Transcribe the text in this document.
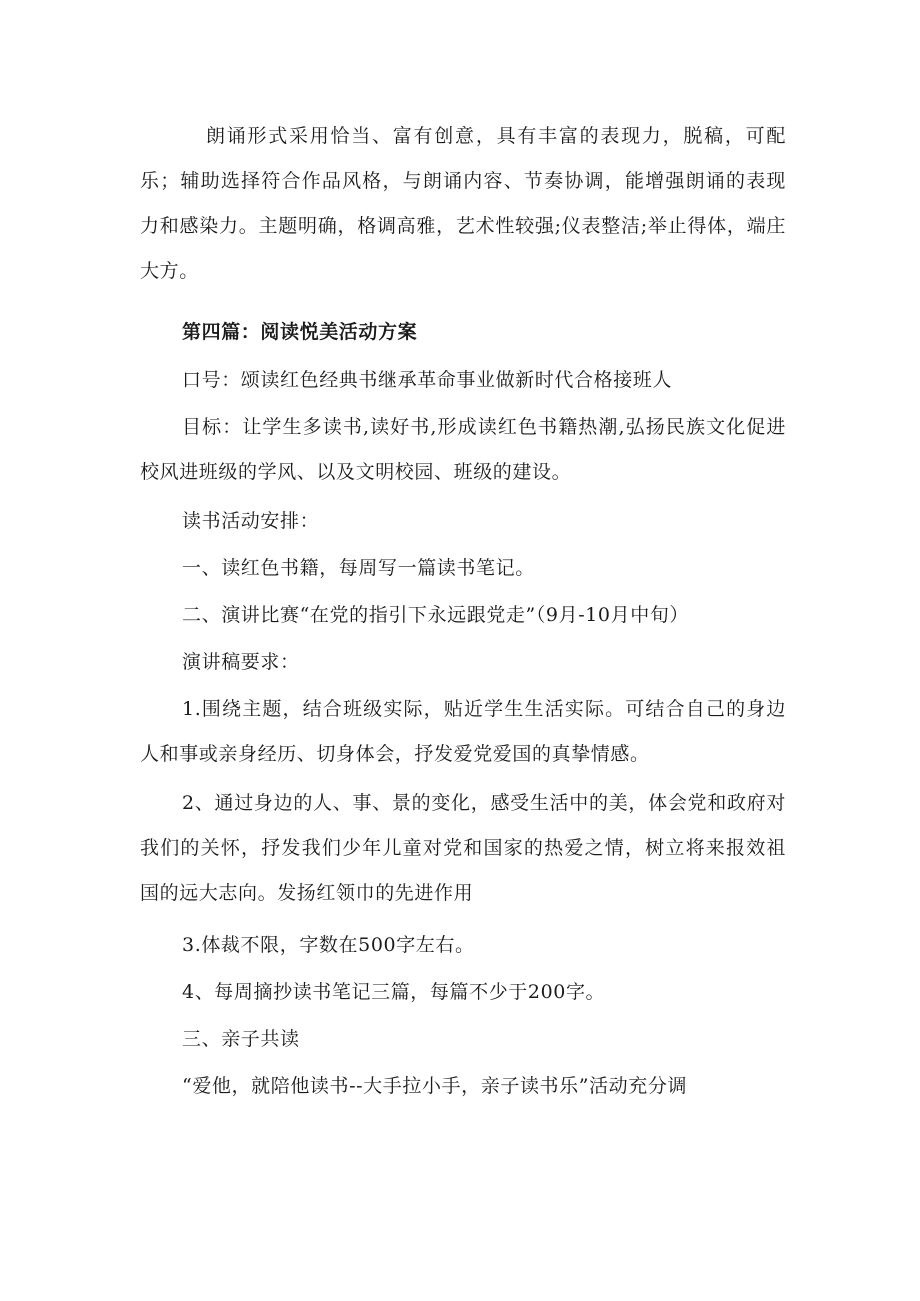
朗诵形式采用恰当、富有创意，具有丰富的表现力，脱稿，可配乐；辅助选择符合作品风格，与朗诵内容、节奏协调，能增强朗诵的表现力和感染力。主题明确，格调高雅，艺术性较强;仪表整洁;举止得体，端庄大方。

第四篇：阅读悦美活动方案

口号：颂读红色经典书继承革命事业做新时代合格接班人

目标：让学生多读书,读好书,形成读红色书籍热潮,弘扬民族文化促进校风进班级的学风、以及文明校园、班级的建设。

读书活动安排：

一、读红色书籍，每周写一篇读书笔记。

二、演讲比赛“在党的指引下永远跟党走”（9月-10月中旬）

演讲稿要求：

1.围绕主题，结合班级实际，贴近学生生活实际。可结合自己的身边人和事或亲身经历、切身体会，抒发爱党爱国的真挚情感。

2、通过身边的人、事、景的变化，感受生活中的美，体会党和政府对我们的关怀，抒发我们少年儿童对党和国家的热爱之情，树立将来报效祖国的远大志向。发扬红领巾的先进作用

3.体裁不限，字数在500字左右。

4、每周摘抄读书笔记三篇，每篇不少于200字。

三、亲子共读

“爱他，就陪他读书--大手拉小手，亲子读书乐”活动充分调
